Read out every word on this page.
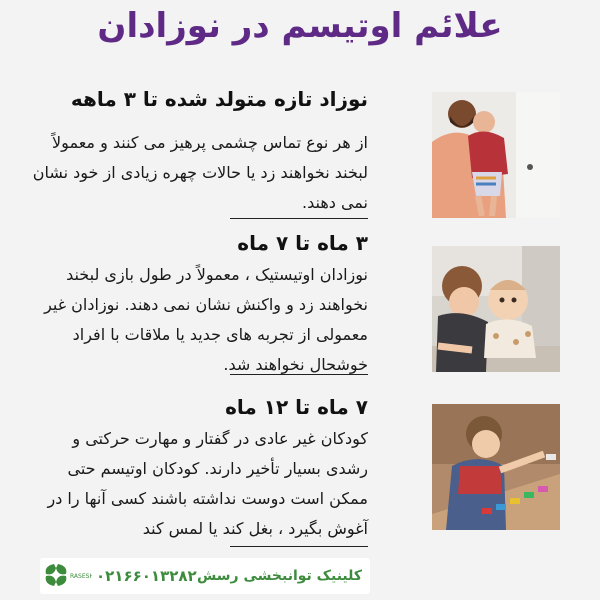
علائم اوتیسم در نوزادان
نوزاد تازه متولد شده تا ۳ ماهه
از هر نوع تماس چشمی پرهیز می کنند و معمولاً لبخند نخواهند زد یا حالات چهره زیادی از خود نشان نمی دهند.
۳ ماه تا ۷ ماه
نوزادان اوتیستیک ، معمولاً در طول بازی لبخند نخواهند زد و واکنش نشان نمی دهند. نوزادان غیر معمولی از تجربه های جدید یا ملاقات با افراد خوشحال نخواهند شد.
۷ ماه تا ۱۲ ماه
کودکان غیر عادی در گفتار و مهارت حرکتی و رشدی بسیار تأخیر دارند. کودکان اوتیسم حتی ممکن است دوست نداشته باشند کسی آنها را در آغوش بگیرد ، بغل کند یا لمس کند
RASESH ۰۲۱۶۶۰۱۳۲۸۲ کلینیک توانبخشی رسش
